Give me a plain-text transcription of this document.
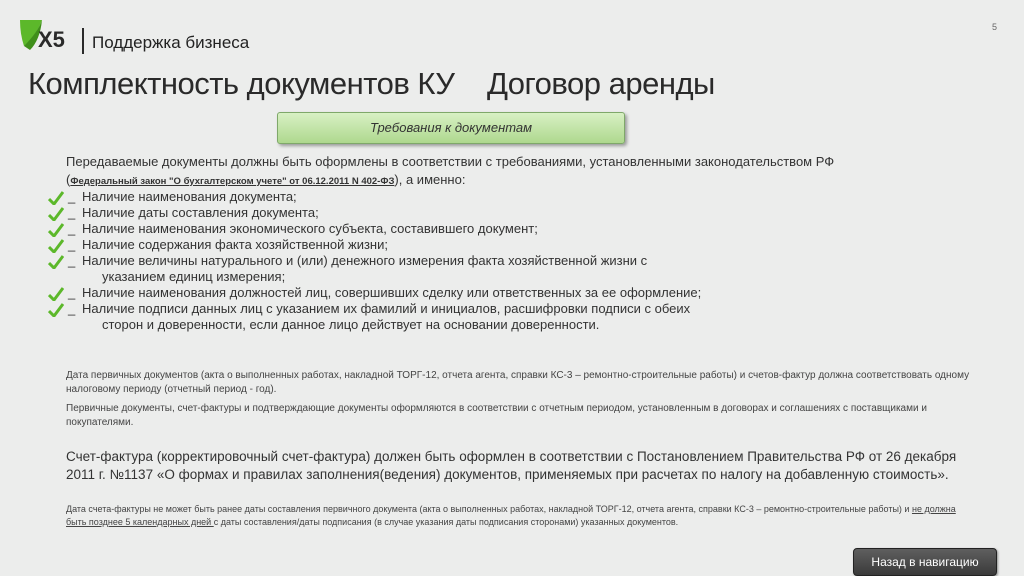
X5 Поддержка бизнеса
5
Комплектность документов КУ    Договор аренды
Требования к документам
Передаваемые документы должны быть оформлены в соответствии с требованиями, установленными законодательством РФ
(Федеральный закон "О бухгалтерском учете" от 06.12.2011 N 402-ФЗ), а именно:
_ Наличие наименования документа;
_ Наличие даты составления документа;
_ Наличие наименования экономического субъекта, составившего документ;
_ Наличие содержания факта хозяйственной жизни;
_ Наличие величины натурального и (или) денежного измерения факта хозяйственной жизни с
указанием единиц измерения;
_ Наличие наименования должностей лиц, совершивших сделку или ответственных за ее оформление;
_ Наличие подписи данных лиц с указанием их фамилий и инициалов, расшифровки подписи с обеих
сторон и доверенности, если данное лицо действует на основании доверенности.
Дата первичных документов (акта о выполненных работах, накладной ТОРГ-12, отчета агента, справки КС-3 – ремонтно-строительные работы) и счетов-фактур должна соответствовать одному налоговому периоду (отчетный период - год).
Первичные документы, счет-фактуры и подтверждающие документы оформляются в соответствии с отчетным периодом, установленным в договорах и соглашениях с поставщиками и покупателями.
Счет-фактура (корректировочный счет-фактура) должен быть оформлен в соответствии с Постановлением Правительства РФ от 26 декабря 2011 г. №1137 «О формах и правилах заполнения(ведения) документов, применяемых при расчетах по налогу на добавленную стоимость».
Дата счета-фактуры не может быть ранее даты составления первичного документа (акта о выполненных работах, накладной ТОРГ-12, отчета агента, справки КС-3 – ремонтно-строительные работы) и не должна быть позднее 5 календарных дней с даты составления/даты подписания (в случае указания даты подписания сторонами) указанных документов.
Назад в навигацию
